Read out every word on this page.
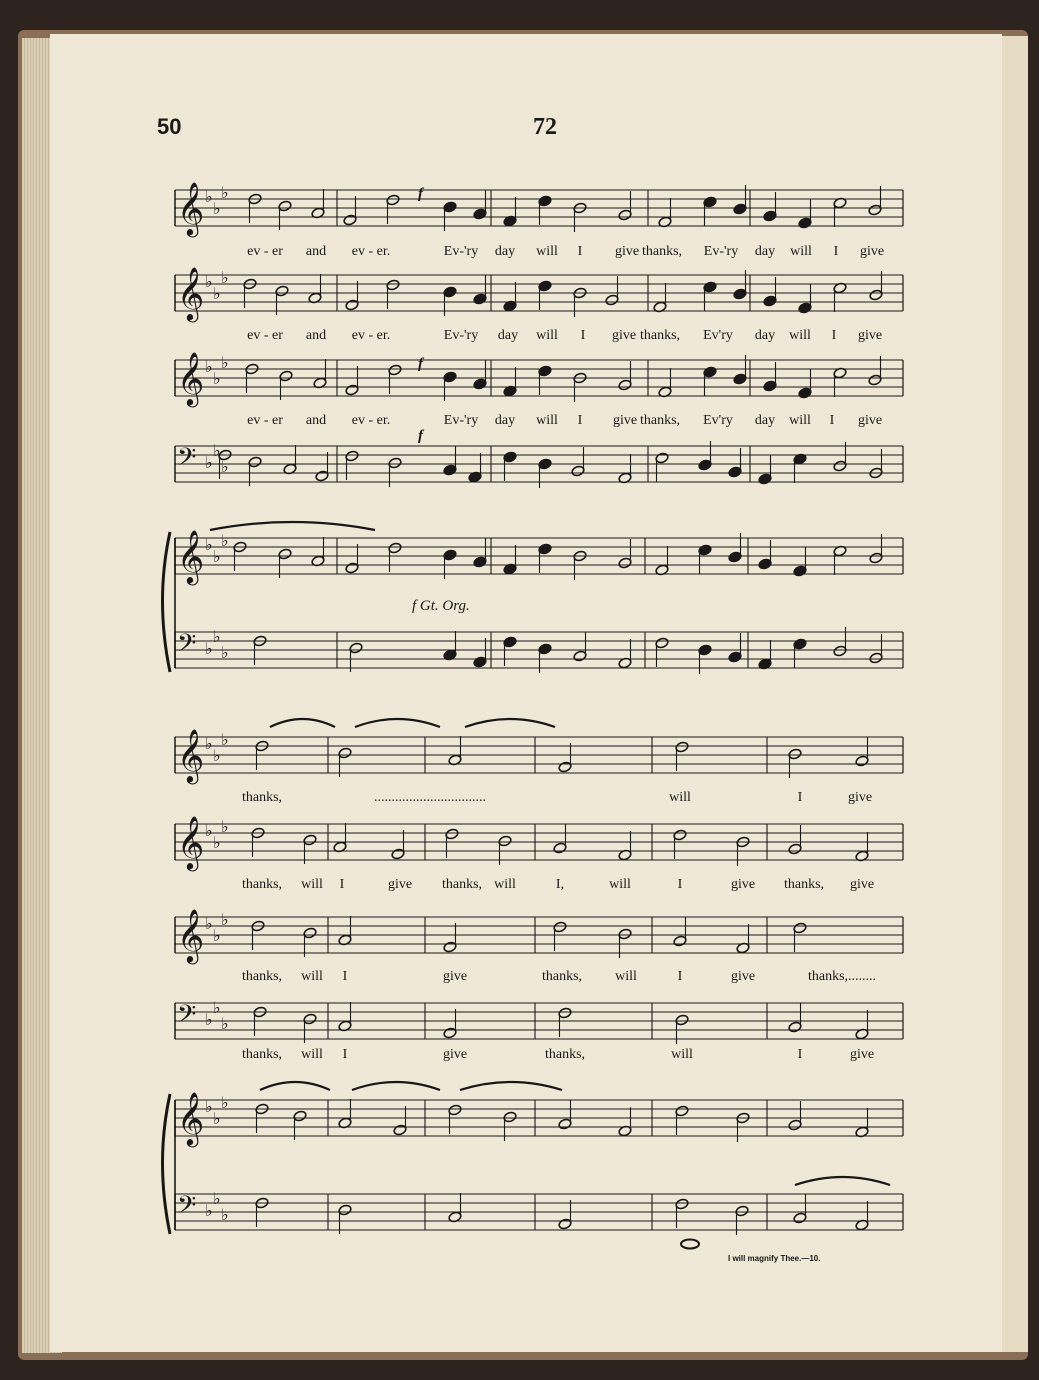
50	72
𝄞 ♭
♭
♭
𝄞 ♭
♭
♭
𝄞 ♭
♭
♭
𝄢 ♭
♭
♭
𝄞 ♭
♭
♭
𝄢 ♭
♭
♭
𝄞 ♭
♭
♭
𝄞 ♭
♭
♭
𝄞 ♭
♭
♭
𝄢 ♭
♭
♭
𝄞 ♭
♭
♭
𝄢 ♭
♭
♭
ev - er and ev - er.	Ev-'ry day will I give thanks, Ev-'ry day will I give
ev - er and ev - er.	Ev-'ry day will I give thanks, Ev'ry day will I give
ev - er and ev - er.	Ev-'ry day will I give thanks, Ev'ry day will I give
thanks,	................................	will	I	give
thanks, will I	give thanks, will	I,	will	I	give thanks, give
thanks, will I	give	thanks, will	I	give	thanks,........
thanks, will I	give	thanks,	will	I	give
f
f
f
f Gt. Org.
I will magnify Thee.—10.
